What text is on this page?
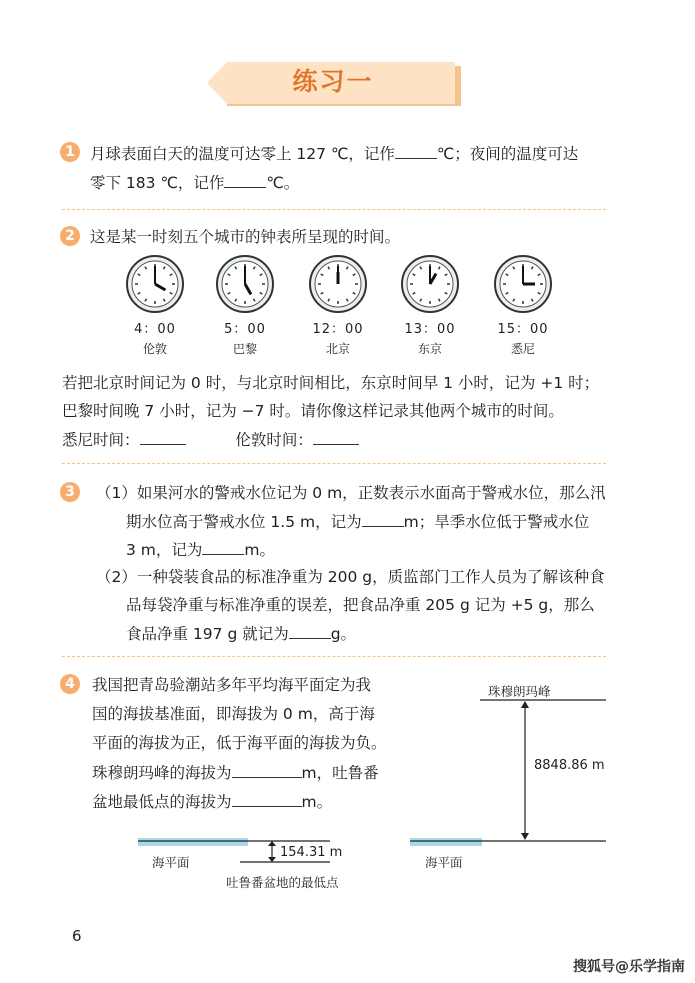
练习一
1 月球表面白天的温度可达零上 127 ℃，记作	℃；夜间的温度可达
零下 183 ℃，记作	℃。
2 这是某一时刻五个城市的钟表所呈现的时间。
4：00
伦敦
5：00
巴黎
12：00
北京
13：00
东京
15：00
悉尼
若把北京时间记为 0 时，与北京时间相比，东京时间早 1 小时，记为 +1 时；
巴黎时间晚 7 小时，记为 −7 时。请你像这样记录其他两个城市的时间。
悉尼时间：	伦敦时间：
3	（1）如果河水的警戒水位记为 0 m，正数表示水面高于警戒水位，那么汛
期水位高于警戒水位 1.5 m，记为	m；旱季水位低于警戒水位
3 m，记为	m。
（2）一种袋装食品的标准净重为 200 g，质监部门工作人员为了解该种食
品每袋净重与标准净重的误差，把食品净重 205 g 记为 +5 g，那么
食品净重 197 g 就记为	g。
4	我国把青岛验潮站多年平均海平面定为我
国的海拔基准面，即海拔为 0 m，高于海
平面的海拔为正，低于海平面的海拔为负。
珠穆朗玛峰的海拔为	m，吐鲁番
盆地最低点的海拔为	m。
珠穆朗玛峰
8848.86 m
海平面
海平面
154.31 m
吐鲁番盆地的最低点
6
搜狐号@乐学指南
